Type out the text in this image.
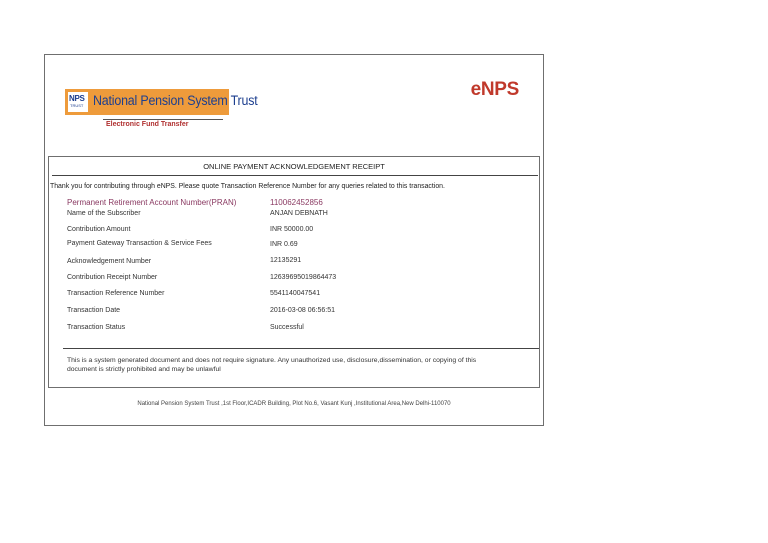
NPS
TRUST National Pension System Trust
Electronic Fund Transfer
eNPS
ONLINE PAYMENT ACKNOWLEDGEMENT RECEIPT
Thank you for contributing through eNPS. Please quote Transaction Reference Number for any queries related to this transaction.
Permanent Retirement Account Number(PRAN)	110062452856
Name of the Subscriber	ANJAN DEBNATH
Contribution Amount	INR 50000.00
Payment Gateway Transaction & Service Fees	INR 0.69
Acknowledgement Number	12135291
Contribution Receipt Number	12639695019864473
Transaction Reference Number	5541140047541
Transaction Date	2016-03-08 06:56:51
Transaction Status	Successful
This is a system generated document and does not require signature. Any unauthorized use, disclosure,dissemination, or copying of this document is strictly prohibited and may be unlawful
National Pension System Trust ,1st Floor,ICADR Building, Plot No.6, Vasant Kunj ,Institutional Area,New Delhi-110070
